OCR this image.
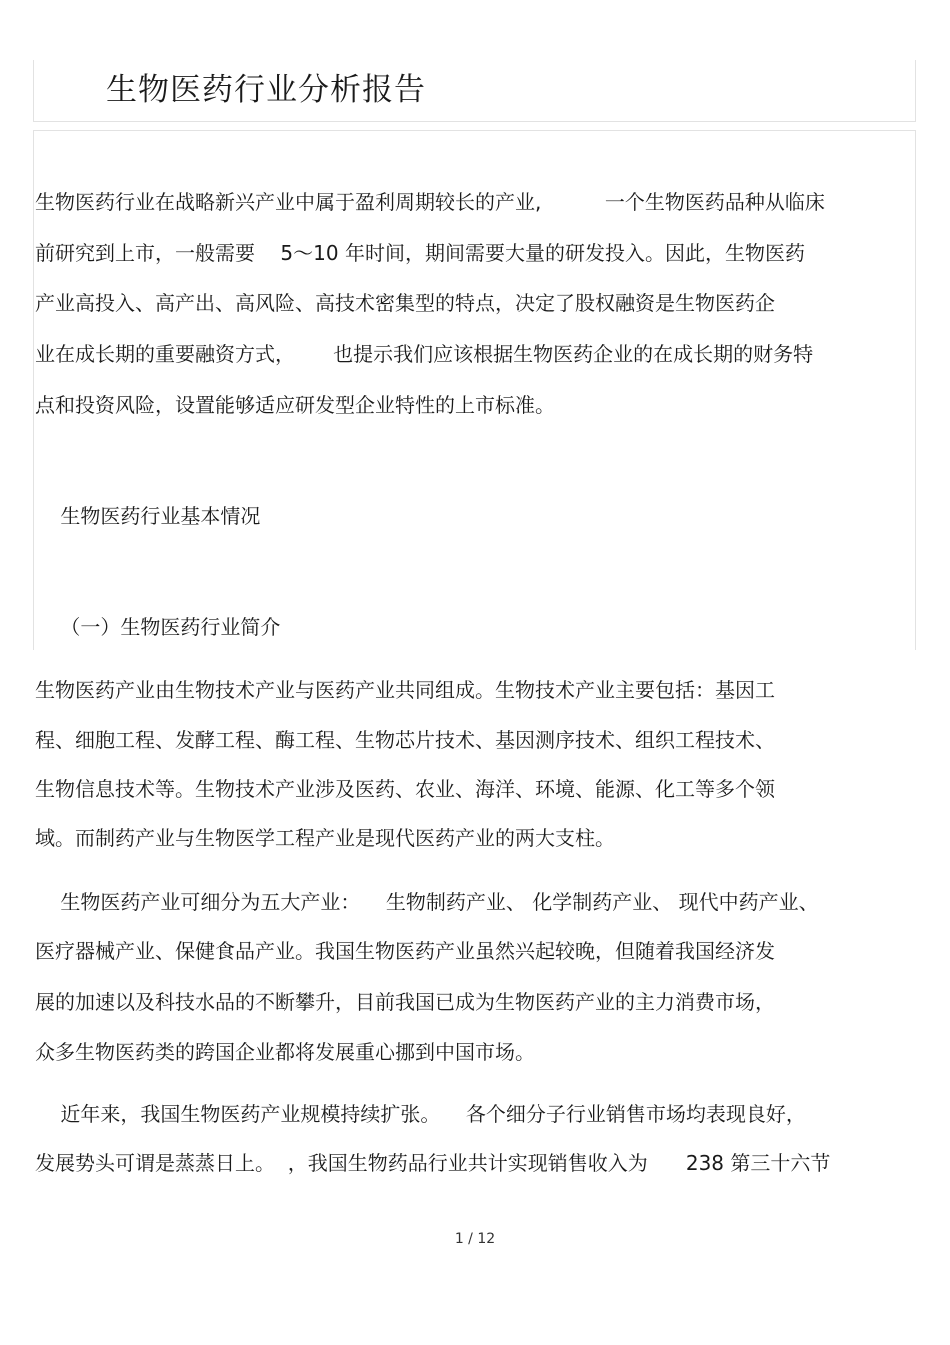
生物医药行业分析报告
生物医药行业在战略新兴产业中属于盈利周期较长的产业,          一个生物医药品种从临床
前研究到上市，一般需要    5～10 年时间，期间需要大量的研发投入。因此，生物医药
产业高投入、高产出、高风险、高技术密集型的特点，决定了股权融资是生物医药企
业在成长期的重要融资方式，      也提示我们应该根据生物医药企业的在成长期的财务特
点和投资风险，设置能够适应研发型企业特性的上市标准。
生物医药行业基本情况
（一）生物医药行业简介
生物医药产业由生物技术产业与医药产业共同组成。生物技术产业主要包括：基因工
程、细胞工程、发酵工程、酶工程、生物芯片技术、基因测序技术、组织工程技术、
生物信息技术等。生物技术产业涉及医药、农业、海洋、环境、能源、化工等多个领
域。而制药产业与生物医学工程产业是现代医药产业的两大支柱。
生物医药产业可细分为五大产业：    生物制药产业、 化学制药产业、 现代中药产业、
医疗器械产业、保健食品产业。我国生物医药产业虽然兴起较晚，但随着我国经济发
展的加速以及科技水品的不断攀升，目前我国已成为生物医药产业的主力消费市场，
众多生物医药类的跨国企业都将发展重心挪到中国市场。
近年来，我国生物医药产业规模持续扩张。    各个细分子行业销售市场均表现良好，
发展势头可谓是蒸蒸日上。  ，我国生物药品行业共计实现销售收入为      238 第三十六节
1 / 12
